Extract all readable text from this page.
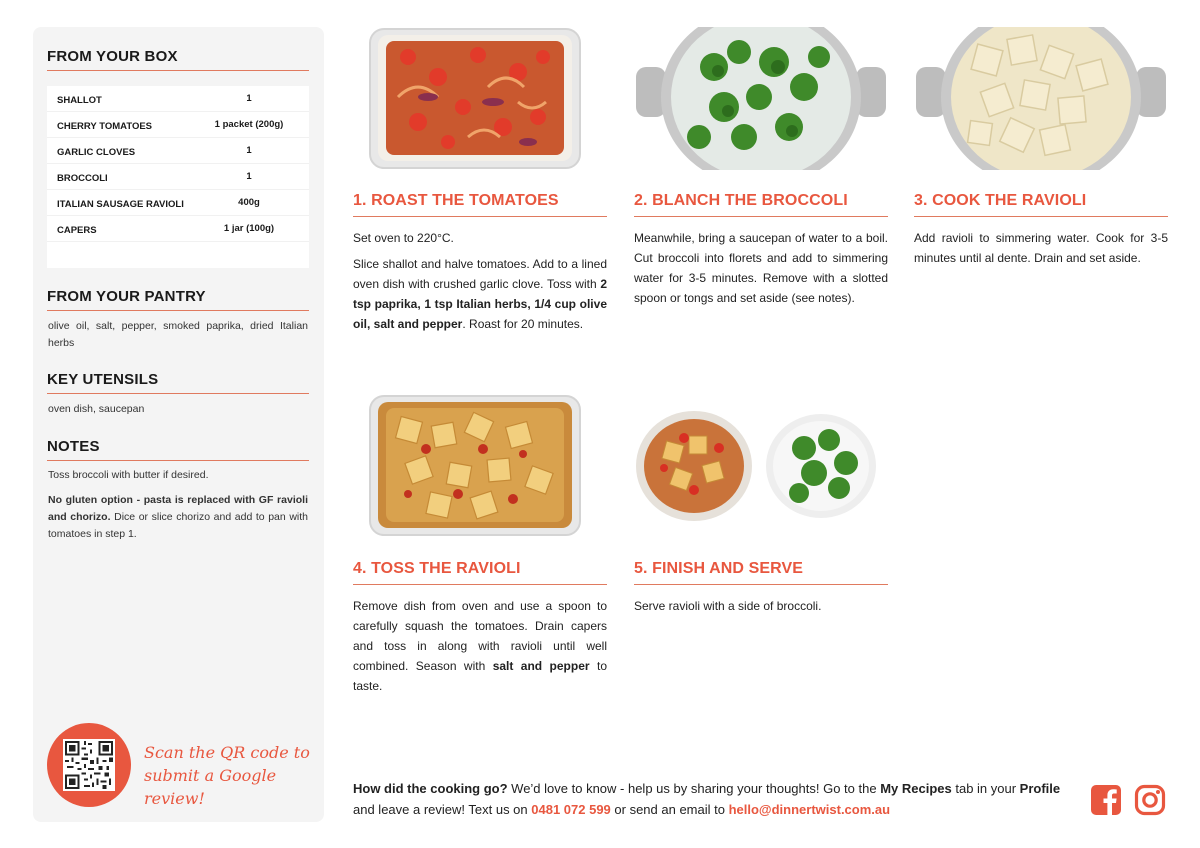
FROM YOUR BOX
SHALLOT	1
CHERRY TOMATOES	1 packet (200g)
GARLIC CLOVES	1
BROCCOLI	1
ITALIAN SAUSAGE RAVIOLI	400g
CAPERS	1 jar (100g)
FROM YOUR PANTRY

olive oil, salt, pepper, smoked paprika, dried Italian herbs

KEY UTENSILS

oven dish, saucepan

NOTES

Toss broccoli with butter if desired.

No gluten option - pasta is replaced with GF ravioli and chorizo. Dice or slice chorizo and add to pan with tomatoes in step 1.

Scan the QR code to
submit a Google review!
1. ROAST THE TOMATOES

Set oven to 220°C.

Slice shallot and halve tomatoes. Add to a lined oven dish with crushed garlic clove. Toss with 2 tsp paprika, 1 tsp Italian herbs, 1/4 cup olive oil, salt and pepper. Roast for 20 minutes.

2. BLANCH THE BROCCOLI

Meanwhile, bring a saucepan of water to a boil. Cut broccoli into florets and add to simmering water for 3-5 minutes. Remove with a slotted spoon or tongs and set aside (see notes).

3. COOK THE RAVIOLI

Add ravioli to simmering water. Cook for 3-5 minutes until al dente. Drain and set aside.

4. TOSS THE RAVIOLI

Remove dish from oven and use a spoon to carefully squash the tomatoes. Drain capers and toss in along with ravioli until well combined. Season with salt and pepper to taste.

5. FINISH AND SERVE

Serve ravioli with a side of broccoli.

How did the cooking go? We’d love to know - help us by sharing your thoughts! Go to the My Recipes tab in your Profile and leave a review! Text us on 0481 072 599 or send an email to hello@dinnertwist.com.au
